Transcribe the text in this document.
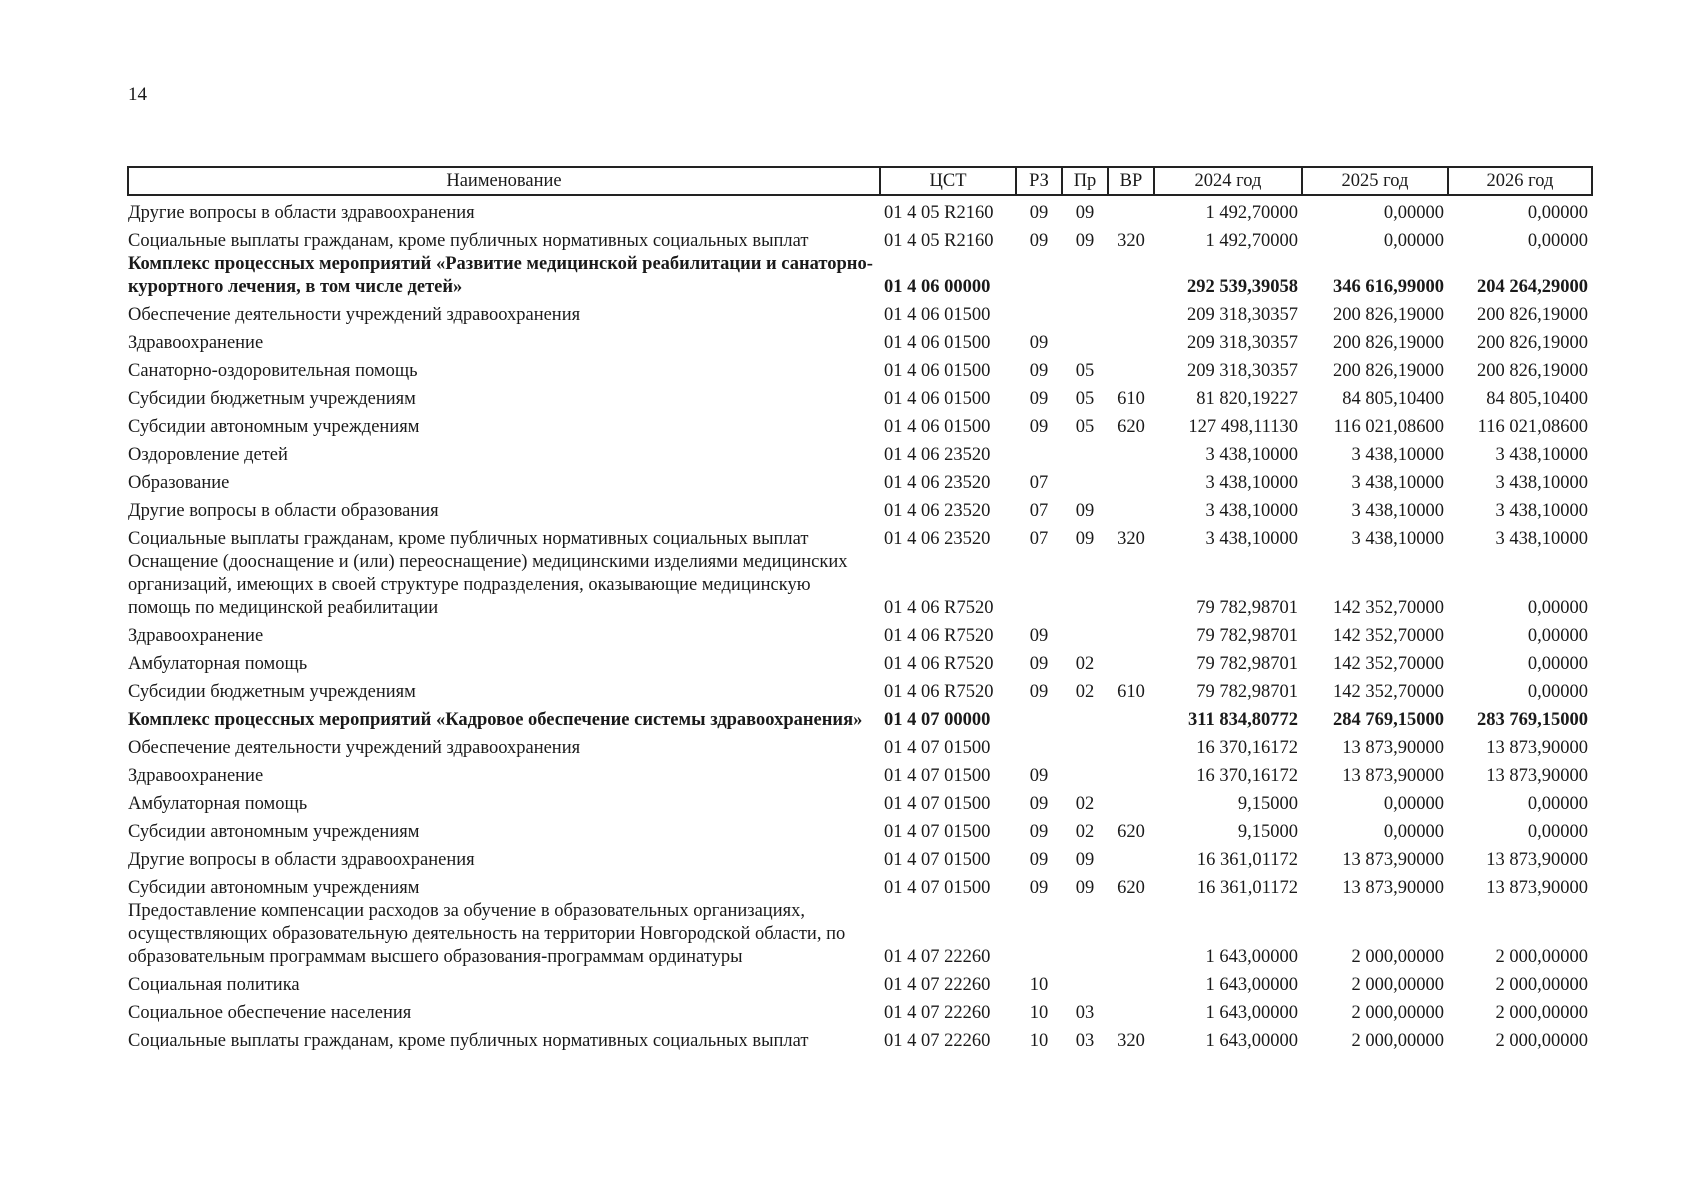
14
Наименование	ЦСТ	РЗ	Пр	ВР	2024 год	2025 год	2026 год
Другие вопросы в области здравоохранения	01 4 05 R2160	09	09		1 492,70000	0,00000	0,00000
Социальные выплаты гражданам, кроме публичных нормативных социальных выплат	01 4 05 R2160	09	09	320	1 492,70000	0,00000	0,00000
Комплекс процессных мероприятий «Развитие медицинской реабилитации и санаторно-курортного лечения, в том числе детей»	01 4 06 00000				292 539,39058	346 616,99000	204 264,29000
Обеспечение деятельности учреждений здравоохранения	01 4 06 01500				209 318,30357	200 826,19000	200 826,19000
Здравоохранение	01 4 06 01500	09			209 318,30357	200 826,19000	200 826,19000
Санаторно-оздоровительная помощь	01 4 06 01500	09	05		209 318,30357	200 826,19000	200 826,19000
Субсидии бюджетным учреждениям	01 4 06 01500	09	05	610	81 820,19227	84 805,10400	84 805,10400
Субсидии автономным учреждениям	01 4 06 01500	09	05	620	127 498,11130	116 021,08600	116 021,08600
Оздоровление детей	01 4 06 23520				3 438,10000	3 438,10000	3 438,10000
Образование	01 4 06 23520	07			3 438,10000	3 438,10000	3 438,10000
Другие вопросы в области образования	01 4 06 23520	07	09		3 438,10000	3 438,10000	3 438,10000
Социальные выплаты гражданам, кроме публичных нормативных социальных выплат	01 4 06 23520	07	09	320	3 438,10000	3 438,10000	3 438,10000
Оснащение (дооснащение и (или) переоснащение) медицинскими изделиями медицинских организаций, имеющих в своей структуре подразделения, оказывающие медицинскую помощь по медицинской реабилитации	01 4 06 R7520				79 782,98701	142 352,70000	0,00000
Здравоохранение	01 4 06 R7520	09			79 782,98701	142 352,70000	0,00000
Амбулаторная помощь	01 4 06 R7520	09	02		79 782,98701	142 352,70000	0,00000
Субсидии бюджетным учреждениям	01 4 06 R7520	09	02	610	79 782,98701	142 352,70000	0,00000
Комплекс процессных мероприятий «Кадровое обеспечение системы здравоохранения»	01 4 07 00000				311 834,80772	284 769,15000	283 769,15000
Обеспечение деятельности учреждений здравоохранения	01 4 07 01500				16 370,16172	13 873,90000	13 873,90000
Здравоохранение	01 4 07 01500	09			16 370,16172	13 873,90000	13 873,90000
Амбулаторная помощь	01 4 07 01500	09	02		9,15000	0,00000	0,00000
Субсидии автономным учреждениям	01 4 07 01500	09	02	620	9,15000	0,00000	0,00000
Другие вопросы в области здравоохранения	01 4 07 01500	09	09		16 361,01172	13 873,90000	13 873,90000
Субсидии автономным учреждениям	01 4 07 01500	09	09	620	16 361,01172	13 873,90000	13 873,90000
Предоставление компенсации расходов за обучение в образовательных организациях, осуществляющих образовательную деятельность на территории Новгородской области, по образовательным программам высшего образования-программам ординатуры	01 4 07 22260				1 643,00000	2 000,00000	2 000,00000
Социальная политика	01 4 07 22260	10			1 643,00000	2 000,00000	2 000,00000
Социальное обеспечение населения	01 4 07 22260	10	03		1 643,00000	2 000,00000	2 000,00000
Социальные выплаты гражданам, кроме публичных нормативных социальных выплат	01 4 07 22260	10	03	320	1 643,00000	2 000,00000	2 000,00000
